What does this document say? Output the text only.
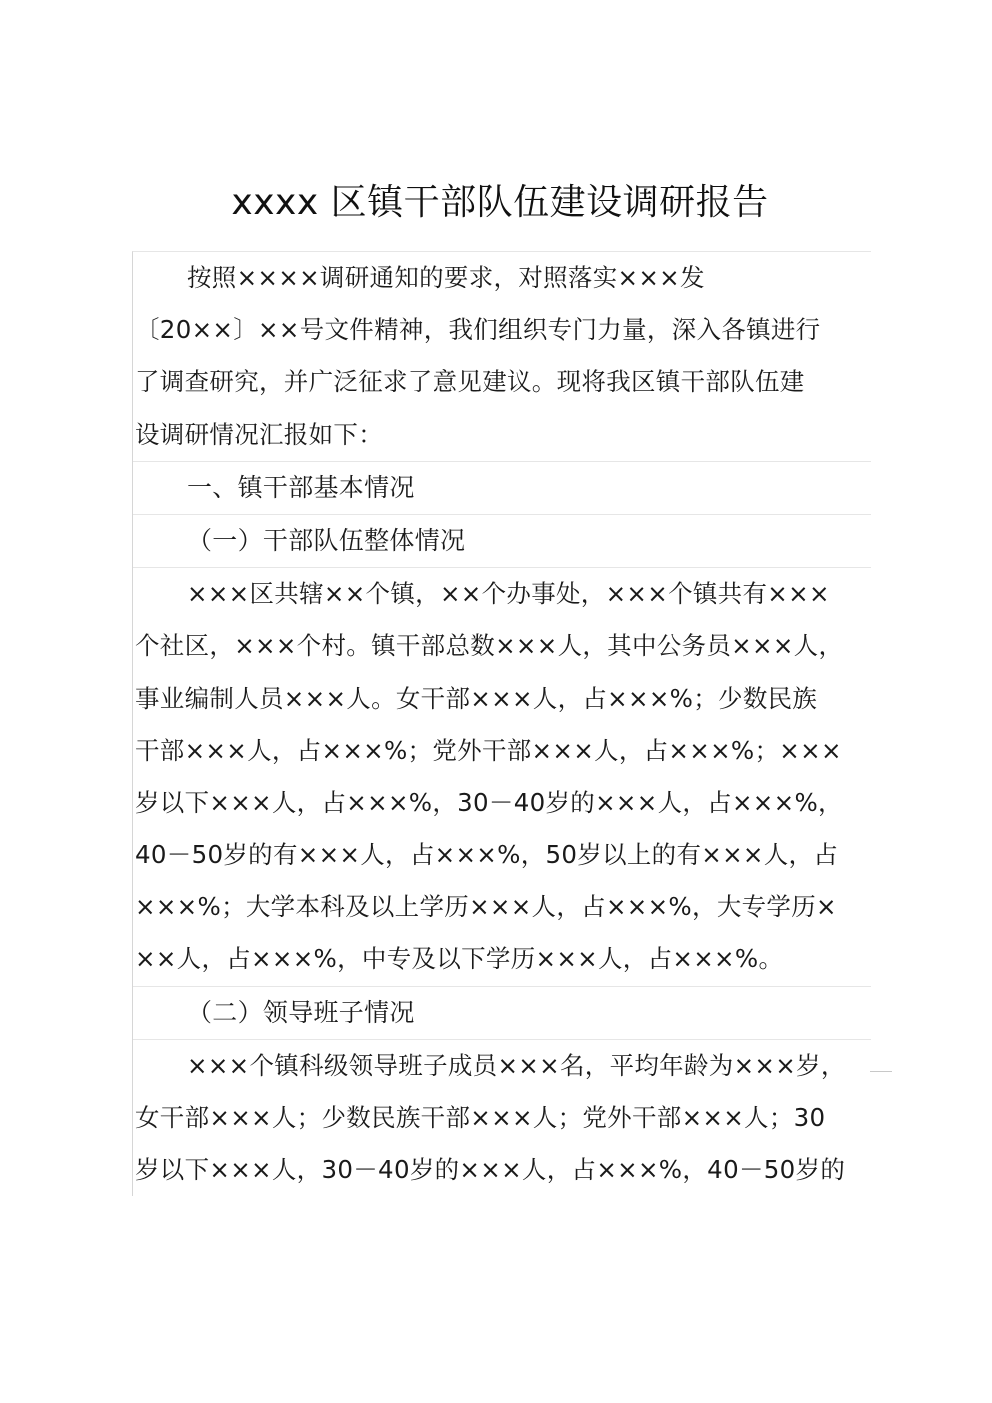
xxxx 区镇干部队伍建设调研报告
按照××××调研通知的要求，对照落实×××发
〔20××〕××号文件精神，我们组织专门力量，深入各镇进行
了调查研究，并广泛征求了意见建议。现将我区镇干部队伍建
设调研情况汇报如下：
一、镇干部基本情况
（一）干部队伍整体情况
×××区共辖××个镇，××个办事处，×××个镇共有×××
个社区，×××个村。镇干部总数×××人，其中公务员×××人，
事业编制人员×××人。女干部×××人，占×××%；少数民族
干部×××人，占×××%；党外干部×××人，占×××%；×××
岁以下×××人，占×××%，30－40岁的×××人，占×××%，
40－50岁的有×××人，占×××%，50岁以上的有×××人，占
×××%；大学本科及以上学历×××人，占×××%，大专学历×
××人，占×××%，中专及以下学历×××人，占×××%。
（二）领导班子情况
×××个镇科级领导班子成员×××名，平均年龄为×××岁，
女干部×××人；少数民族干部×××人；党外干部×××人；30
岁以下×××人，30－40岁的×××人，占×××%，40－50岁的
